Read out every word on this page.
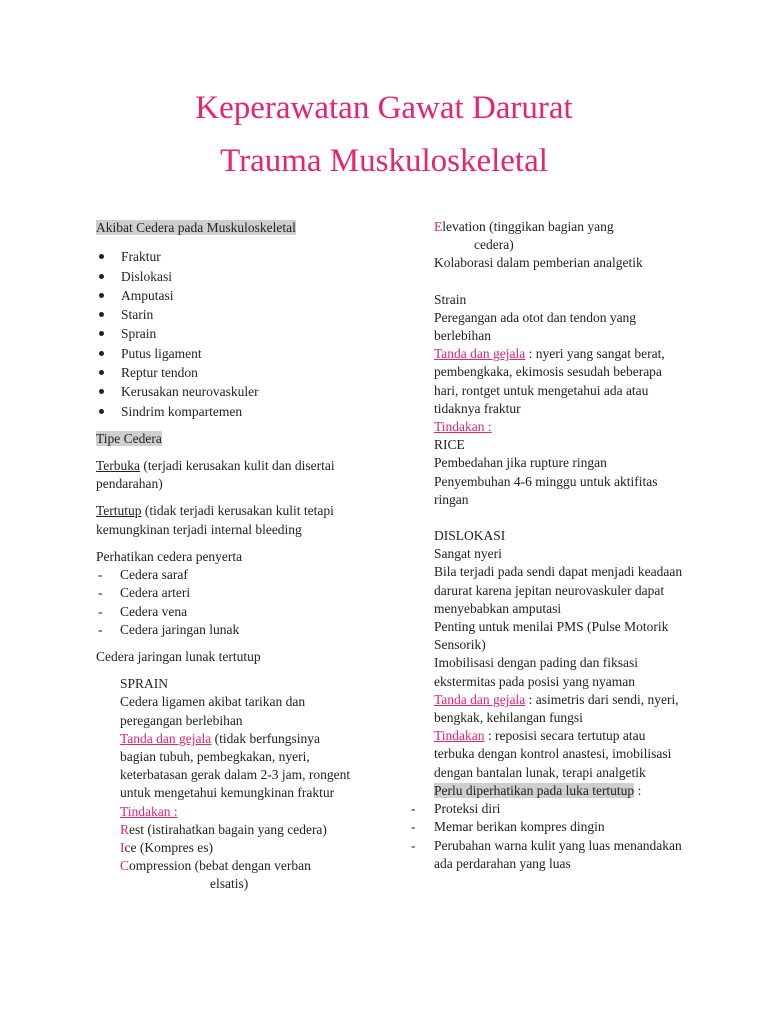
Keperawatan Gawat Darurat
Trauma Muskuloskeletal

Akibat Cedera pada Muskuloskeletal

Fraktur
Dislokasi
Amputasi
Starin
Sprain
Putus ligament
Reptur tendon
Kerusakan neurovaskuler
Sindrim kompartemen

Tipe Cedera

Terbuka (terjadi kerusakan kulit dan disertai pendarahan)

Tertutup (tidak terjadi kerusakan kulit tetapi kemungkinan terjadi internal bleeding

Perhatikan cedera penyerta

- Cedera saraf
- Cedera arteri
- Cedera vena
- Cedera jaringan lunak

Cedera jaringan lunak tertutup

SPRAIN

Cedera ligamen akibat tarikan dan peregangan berlebihan

Tanda dan gejala (tidak berfungsinya bagian tubuh, pembegkakan, nyeri, keterbatasan gerak dalam 2-3 jam, rongent untuk mengetahui kemungkinan fraktur

Tindakan :

Rest (istirahatkan bagain yang cedera)

Ice (Kompres es)

Compression (bebat dengan verban

elsatis)

Elevation (tinggikan bagian yang

cedera)

Kolaborasi dalam pemberian analgetik

Strain

Peregangan ada otot dan tendon yang berlebihan

Tanda dan gejala : nyeri yang sangat berat, pembengkaka, ekimosis sesudah beberapa hari, rontget untuk mengetahui ada atau tidaknya fraktur

Tindakan :

RICE

Pembedahan jika rupture ringan

Penyembuhan 4-6 minggu untuk aktifitas ringan

DISLOKASI

Sangat nyeri

Bila terjadi pada sendi dapat menjadi keadaan darurat karena jepitan neurovaskuler dapat menyebabkan amputasi

Penting untuk menilai PMS (Pulse Motorik Sensorik)

Imobilisasi dengan pading dan fiksasi ekstermitas pada posisi yang nyaman

Tanda dan gejala : asimetris dari sendi, nyeri, bengkak, kehilangan fungsi

Tindakan : reposisi secara tertutup atau terbuka dengan kontrol anastesi, imobilisasi dengan bantalan lunak, terapi analgetik

Perlu diperhatikan pada luka tertutup :

- Proteksi diri
- Memar berikan kompres dingin
- Perubahan warna kulit yang luas menandakan ada perdarahan yang luas
